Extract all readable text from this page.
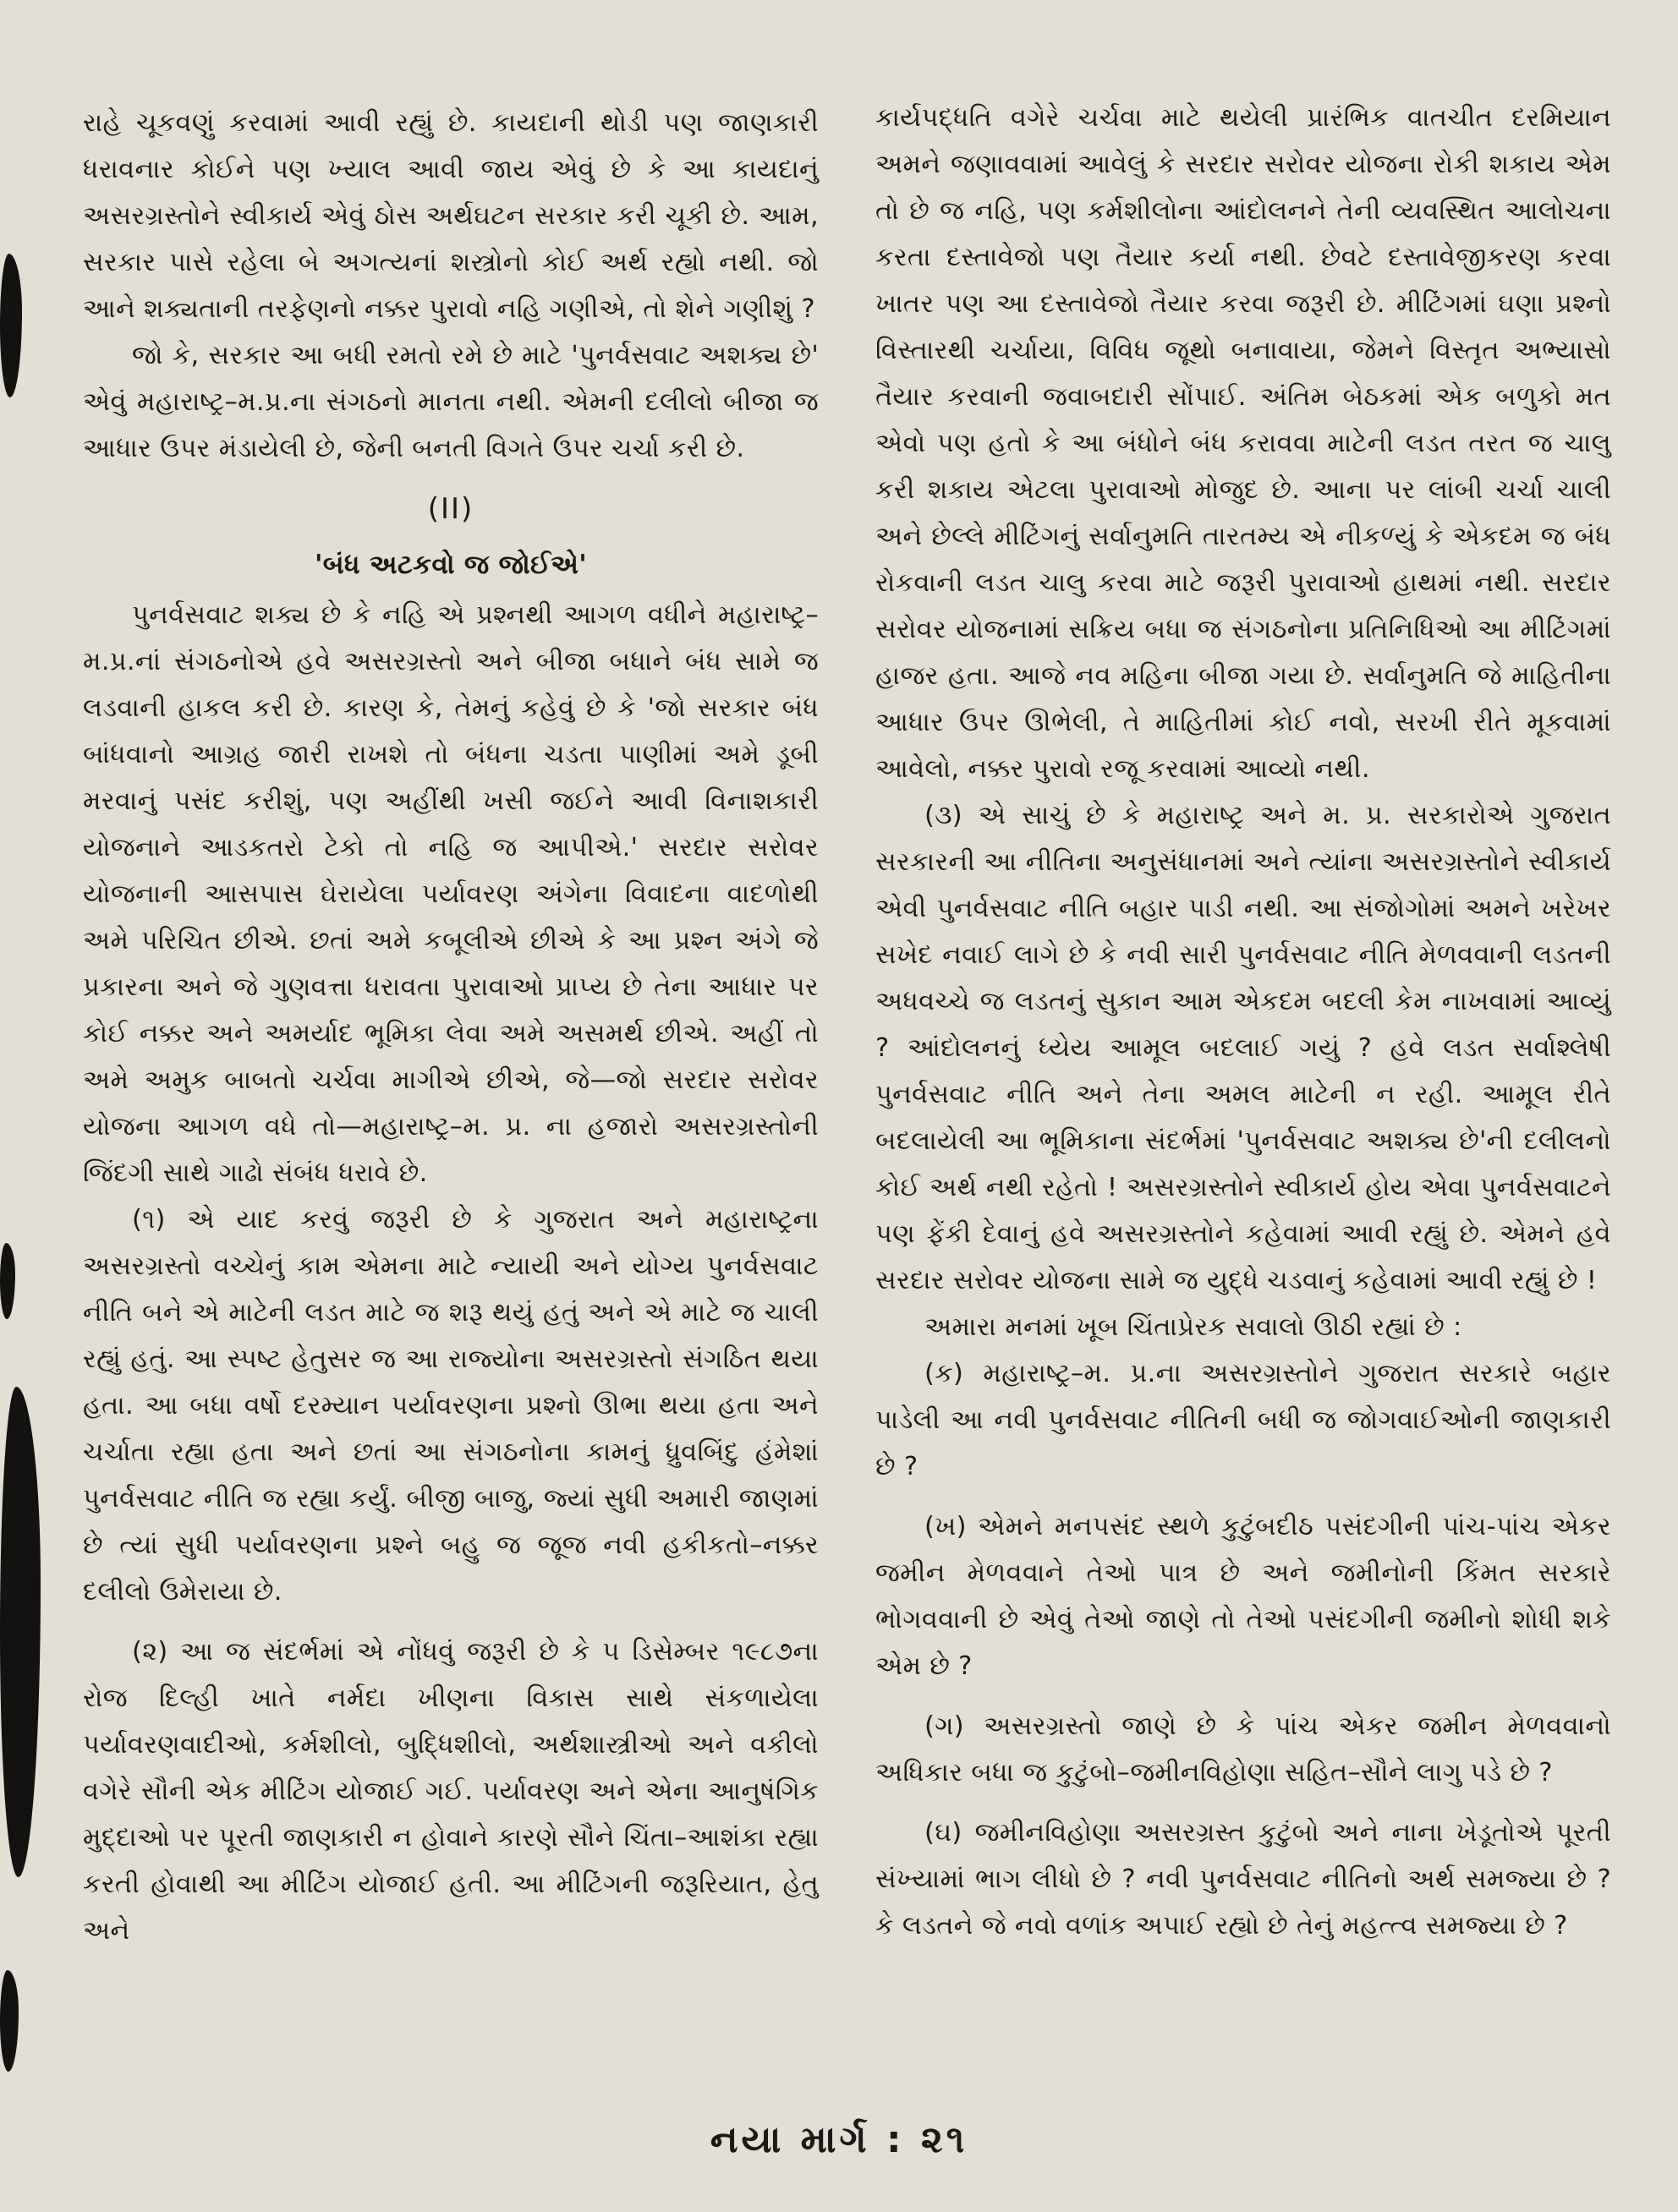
રાહે ચૂકવણું કરવામાં આવી રહ્યું છે. કાયદાની થોડી પણ જાણકારી ધરાવનાર કોઈને પણ ખ્યાલ આવી જાય એવું છે કે આ કાયદાનું અસરગ્રસ્તોને સ્વીકાર્ય એવું ઠોસ અર્થઘટન સરકાર કરી ચૂકી છે. આમ, સરકાર પાસે રહેલા બે અગત્યનાં શસ્ત્રોનો કોઈ અર્થ રહ્યો નથી. જો આને શક્યતાની તરફેણનો નક્કર પુરાવો નહિ ગણીએ, તો શેને ગણીશું ?

જો કે, સરકાર આ બધી રમતો રમે છે માટે 'પુનર્વસવાટ અશક્ય છે' એવું મહારાષ્ટ્ર–મ.પ્ર.ના સંગઠનો માનતા નથી. એમની દલીલો બીજા જ આધાર ઉપર મંડાયેલી છે, જેની બનતી વિગતે ઉપર ચર્ચા કરી છે.

(II)
'બંધ અટકવો જ જોઈએ'

પુનર્વસવાટ શક્ય છે કે નહિ એ પ્રશ્નથી આગળ વધીને મહારાષ્ટ્ર–મ.પ્ર.નાં સંગઠનોએ હવે અસરગ્રસ્તો અને બીજા બધાને બંધ સામે જ લડવાની હાકલ કરી છે. કારણ કે, તેમનું કહેવું છે કે 'જો સરકાર બંધ બાંધવાનો આગ્રહ જારી રાખશે તો બંધના ચડતા પાણીમાં અમે ડૂબી મરવાનું પસંદ કરીશું, પણ અહીંથી ખસી જઈને આવી વિનાશકારી યોજનાને આડકતરો ટેકો તો નહિ જ આપીએ.' સરદાર સરોવર યોજનાની આસપાસ ઘેરાયેલા પર્યાવરણ અંગેના વિવાદના વાદળોથી અમે પરિચિત છીએ. છતાં અમે કબૂલીએ છીએ કે આ પ્રશ્ન અંગે જે પ્રકારના અને જે ગુણવત્તા ધરાવતા પુરાવાઓ પ્રાપ્ય છે તેના આધાર પર કોઈ નક્કર અને અમર્યાદ ભૂમિકા લેવા અમે અસમર્થ છીએ. અહીં તો અમે અમુક બાબતો ચર્ચવા માગીએ છીએ, જે—જો સરદાર સરોવર યોજના આગળ વધે તો—મહારાષ્ટ્ર–મ. પ્ર. ના હજારો અસરગ્રસ્તોની જિંદગી સાથે ગાઢો સંબંધ ધરાવે છે.

(૧) એ યાદ કરવું જરૂરી છે કે ગુજરાત અને મહારાષ્ટ્રના અસરગ્રસ્તો વચ્ચેનું કામ એમના માટે ન્યાયી અને યોગ્ય પુનર્વસવાટ નીતિ બને એ માટેની લડત માટે જ શરૂ થયું હતું અને એ માટે જ ચાલી રહ્યું હતું. આ સ્પષ્ટ હેતુસર જ આ રાજ્યોના અસરગ્રસ્તો સંગઠિત થયા હતા. આ બધા વર્ષો દરમ્યાન પર્યાવરણના પ્રશ્નો ઊભા થયા હતા અને ચર્ચાતા રહ્યા હતા અને છતાં આ સંગઠનોના કામનું ધ્રુવબિંદુ હંમેશાં પુનર્વસવાટ નીતિ જ રહ્યા કર્યું. બીજી બાજુ, જ્યાં સુધી અમારી જાણમાં છે ત્યાં સુધી પર્યાવરણના પ્રશ્ને બહુ જ જૂજ નવી હકીકતો–નક્કર દલીલો ઉમેરાયા છે.

(૨) આ જ સંદર્ભમાં એ નોંધવું જરૂરી છે કે ૫ ડિસેમ્બર ૧૯૮૭ના રોજ દિલ્હી ખાતે નર્મદા ખીણના વિકાસ સાથે સંકળાયેલા પર્યાવરણવાદીઓ, કર્મશીલો, બુદ્ધિશીલો, અર્થશાસ્ત્રીઓ અને વકીલો વગેરે સૌની એક મીટિંગ યોજાઈ ગઈ. પર્યાવરણ અને એના આનુષંગિક મુદ્દાઓ પર પૂરતી જાણકારી ન હોવાને કારણે સૌને ચિંતા–આશંકા રહ્યા કરતી હોવાથી આ મીટિંગ યોજાઈ હતી. આ મીટિંગની જરૂરિયાત, હેતુ અને

કાર્યપદ્ધતિ વગેરે ચર્ચવા માટે થયેલી પ્રારંભિક વાતચીત દરમિયાન અમને જણાવવામાં આવેલું કે સરદાર સરોવર યોજના રોકી શકાય એમ તો છે જ નહિ, પણ કર્મશીલોના આંદોલનને તેની વ્યવસ્થિત આલોચના કરતા દસ્તાવેજો પણ તૈયાર કર્યા નથી. છેવટે દસ્તાવેજીકરણ કરવા ખાતર પણ આ દસ્તાવેજો તૈયાર કરવા જરૂરી છે. મીટિંગમાં ઘણા પ્રશ્નો વિસ્તારથી ચર્ચાયા, વિવિધ જૂથો બનાવાયા, જેમને વિસ્તૃત અભ્યાસો તૈયાર કરવાની જવાબદારી સોંપાઈ. અંતિમ બેઠકમાં એક બળુકો મત એવો પણ હતો કે આ બંધોને બંધ કરાવવા માટેની લડત તરત જ ચાલુ કરી શકાય એટલા પુરાવાઓ મોજુદ છે. આના પર લાંબી ચર્ચા ચાલી અને છેલ્લે મીટિંગનું સર્વાનુમતિ તારતમ્ય એ નીકળ્યું કે એકદમ જ બંધ રોકવાની લડત ચાલુ કરવા માટે જરૂરી પુરાવાઓ હાથમાં નથી. સરદાર સરોવર યોજનામાં સક્રિય બધા જ સંગઠનોના પ્રતિનિધિઓ આ મીટિંગમાં હાજર હતા. આજે નવ મહિના બીજા ગયા છે. સર્વાનુમતિ જે માહિતીના આધાર ઉપર ઊભેલી, તે માહિતીમાં કોઈ નવો, સરખી રીતે મૂકવામાં આવેલો, નક્કર પુરાવો રજૂ કરવામાં આવ્યો નથી.

(૩) એ સાચું છે કે મહારાષ્ટ્ર અને મ. પ્ર. સરકારોએ ગુજરાત સરકારની આ નીતિના અનુસંધાનમાં અને ત્યાંના અસરગ્રસ્તોને સ્વીકાર્ય એવી પુનર્વસવાટ નીતિ બહાર પાડી નથી. આ સંજોગોમાં અમને ખરેખર સખેદ નવાઈ લાગે છે કે નવી સારી પુનર્વસવાટ નીતિ મેળવવાની લડતની અધવચ્ચે જ લડતનું સુકાન આમ એકદમ બદલી કેમ નાખવામાં આવ્યું ? આંદોલનનું ધ્યેય આમૂલ બદલાઈ ગયું ? હવે લડત સર્વાશ્લેષી પુનર્વસવાટ નીતિ અને તેના અમલ માટેની ન રહી. આમૂલ રીતે બદલાયેલી આ ભૂમિકાના સંદર્ભમાં 'પુનર્વસવાટ અશક્ય છે'ની દલીલનો કોઈ અર્થ નથી રહેતો ! અસરગ્રસ્તોને સ્વીકાર્ય હોય એવા પુનર્વસવાટને પણ ફેંકી દેવાનું હવે અસરગ્રસ્તોને કહેવામાં આવી રહ્યું છે. એમને હવે સરદાર સરોવર યોજના સામે જ યુદ્ધે ચડવાનું કહેવામાં આવી રહ્યું છે !

અમારા મનમાં ખૂબ ચિંતાપ્રેરક સવાલો ઊઠી રહ્યાં છે :

(ક) મહારાષ્ટ્ર–મ. પ્ર.ના અસરગ્રસ્તોને ગુજરાત સરકારે બહાર પાડેલી આ નવી પુનર્વસવાટ નીતિની બધી જ જોગવાઈઓની જાણકારી છે ?

(ખ) એમને મનપસંદ સ્થળે કુટુંબદીઠ પસંદગીની પાંચ-પાંચ એકર જમીન મેળવવાને તેઓ પાત્ર છે અને જમીનોની કિંમત સરકારે ભોગવવાની છે એવું તેઓ જાણે તો તેઓ પસંદગીની જમીનો શોધી શકે એમ છે ?

(ગ) અસરગ્રસ્તો જાણે છે કે પાંચ એકર જમીન મેળવવાનો અધિકાર બધા જ કુટુંબો–જમીનવિહોણા સહિત–સૌને લાગુ પડે છે ?

(ઘ) જમીનવિહોણા અસરગ્રસ્ત કુટુંબો અને નાના ખેડૂતોએ પૂરતી સંખ્યામાં ભાગ લીધો છે ? નવી પુનર્વસવાટ નીતિનો અર્થ સમજ્યા છે ? કે લડતને જે નવો વળાંક અપાઈ રહ્યો છે તેનું મહત્ત્વ સમજ્યા છે ?

નયા માર્ગ : ૨૧
